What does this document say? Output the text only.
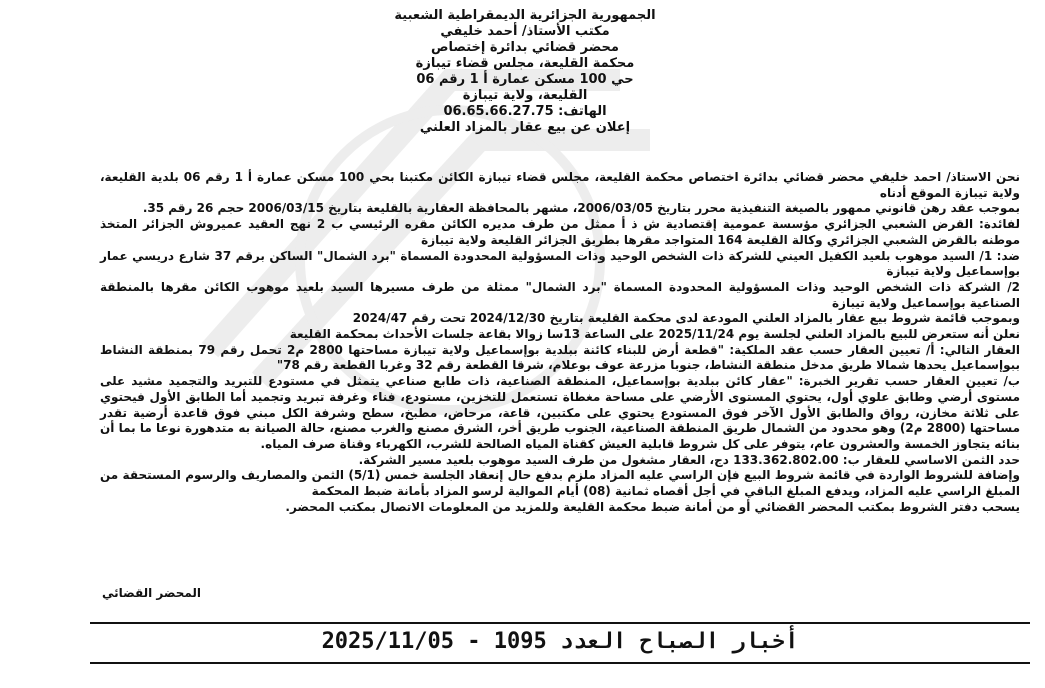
الجمهورية الجزائرية الديمقراطية الشعبية
مكتب الأستاذ/ أحمد خليفي
محضر قضائي بدائرة إختصاص
محكمة القليعة، مجلس قضاء تيبازة
حي 100 مسكن عمارة أ 1 رقم 06
القليعة، ولاية تيبازة
الهاتف: 06.65.66.27.75
إعلان عن بيع عقار بالمزاد العلني

نحن الاستاذ/ احمد خليفي محضر قضائي بدائرة اختصاص محكمة القليعة، مجلس قضاء تيبازة الكائن مكتبنا بحي 100 مسكن عمارة أ 1 رقم 06 بلدية القليعة، ولاية تيبازة الموقع أدناه

بموجب عقد رهن قانوني ممهور بالصيغة التنفيذية محرر بتاريخ 2006/03/05، مشهر بالمحافظة العقارية بالقليعة بتاريخ 2006/03/15 حجم 26 رقم 35.

لفائدة: القرض الشعبي الجزائري مؤسسة عمومية إقتصادية ش ذ أ ممثل من طرف مديره الكائن مقره الرئيسي ب 2 نهج العقيد عميروش الجزائر المتخذ موطنه بالقرض الشعبي الجزائري وكالة القليعة 164 المتواجد مقرها بطريق الجزائر القليعة ولاية تيبازة

ضد: 1/ السيد موهوب بلعيد الكفيل العيني للشركة ذات الشخص الوحيد وذات المسؤولية المحدودة المسماة "برد الشمال" الساكن برقم 37 شارع دريسي عمار بوإسماعيل ولاية تيبازة

2/ الشركة ذات الشخص الوحيد وذات المسؤولية المحدودة المسماة "برد الشمال" ممثلة من طرف مسيرها السيد بلعيد موهوب الكائن مقرها بالمنطقة الصناعية بوإسماعيل ولاية تيبازة

وبموجب قائمة شروط بيع عقار بالمزاد العلني المودعة لدى محكمة القليعة بتاريخ 2024/12/30 تحت رقم 2024/47

نعلن أنه ستعرض للبيع بالمزاد العلني لجلسة يوم 2025/11/24 على الساعة 13سا زوالا بقاعة جلسات الأحداث بمحكمة القليعة

العقار التالي: أ/ تعيين العقار حسب عقد الملكية: "قطعة أرض للبناء كائنة ببلدية بوإسماعيل ولاية تيبازة مساحتها 2800 م2 تحمل رقم 79 بمنطقة النشاط ببوإسماعيل يحدها شمالا طريق مدخل منطقة النشاط، جنوبا مزرعة عوف بوعلام، شرقا القطعة رقم 32 وغربا القطعة رقم 78"

ب/ تعيين العقار حسب تقرير الخبرة: "عقار كائن ببلدية بوإسماعيل، المنطقة الصناعية، ذات طابع صناعي يتمثل في مستودع للتبريد والتجميد مشيد على مستوى أرضي وطابق علوي أول، يحتوي المستوى الأرضي على مساحة مغطاة تستعمل للتخزين، مستودع، فناء وغرفة تبريد وتجميد أما الطابق الأول فيحتوي على ثلاثة مخازن، رواق والطابق الأول الآخر فوق المستودع يحتوي على مكتبين، قاعة، مرحاض، مطبخ، سطح وشرفة الكل مبني فوق قاعدة أرضية تقدر مساحتها (2800 م2) وهو محدود من الشمال طريق المنطقة الصناعية، الجنوب طريق أخر، الشرق مصنع والغرب مصنع، حالة الصيانة به متدهورة نوعا ما بما أن بنائه يتجاوز الخمسة والعشرون عام، يتوفر على كل شروط قابلية العيش كقناة المياه الصالحة للشرب، الكهرباء وقناة صرف المياه.

حدد الثمن الاساسي للعقار ب: 133.362.802.00 دج، العقار مشغول من طرف السيد موهوب بلعيد مسير الشركة.

وإضافة للشروط الواردة في قائمة شروط البيع فإن الراسي عليه المزاد ملزم بدفع حال إنعقاد الجلسة خمس (5/1) الثمن والمصاريف والرسوم المستحقة من المبلغ الراسي عليه المزاد، ويدفع المبلغ الباقي في أجل أقصاه ثمانية (08) أيام الموالية لرسو المزاد بأمانة ضبط المحكمة

يسحب دفتر الشروط بمكتب المحضر القضائي أو من أمانة ضبط محكمة القليعة وللمزيد من المعلومات الاتصال بمكتب المحضر.

المحضر القضائي
أخبار الصباح العدد 1095 - 2025/11/05
